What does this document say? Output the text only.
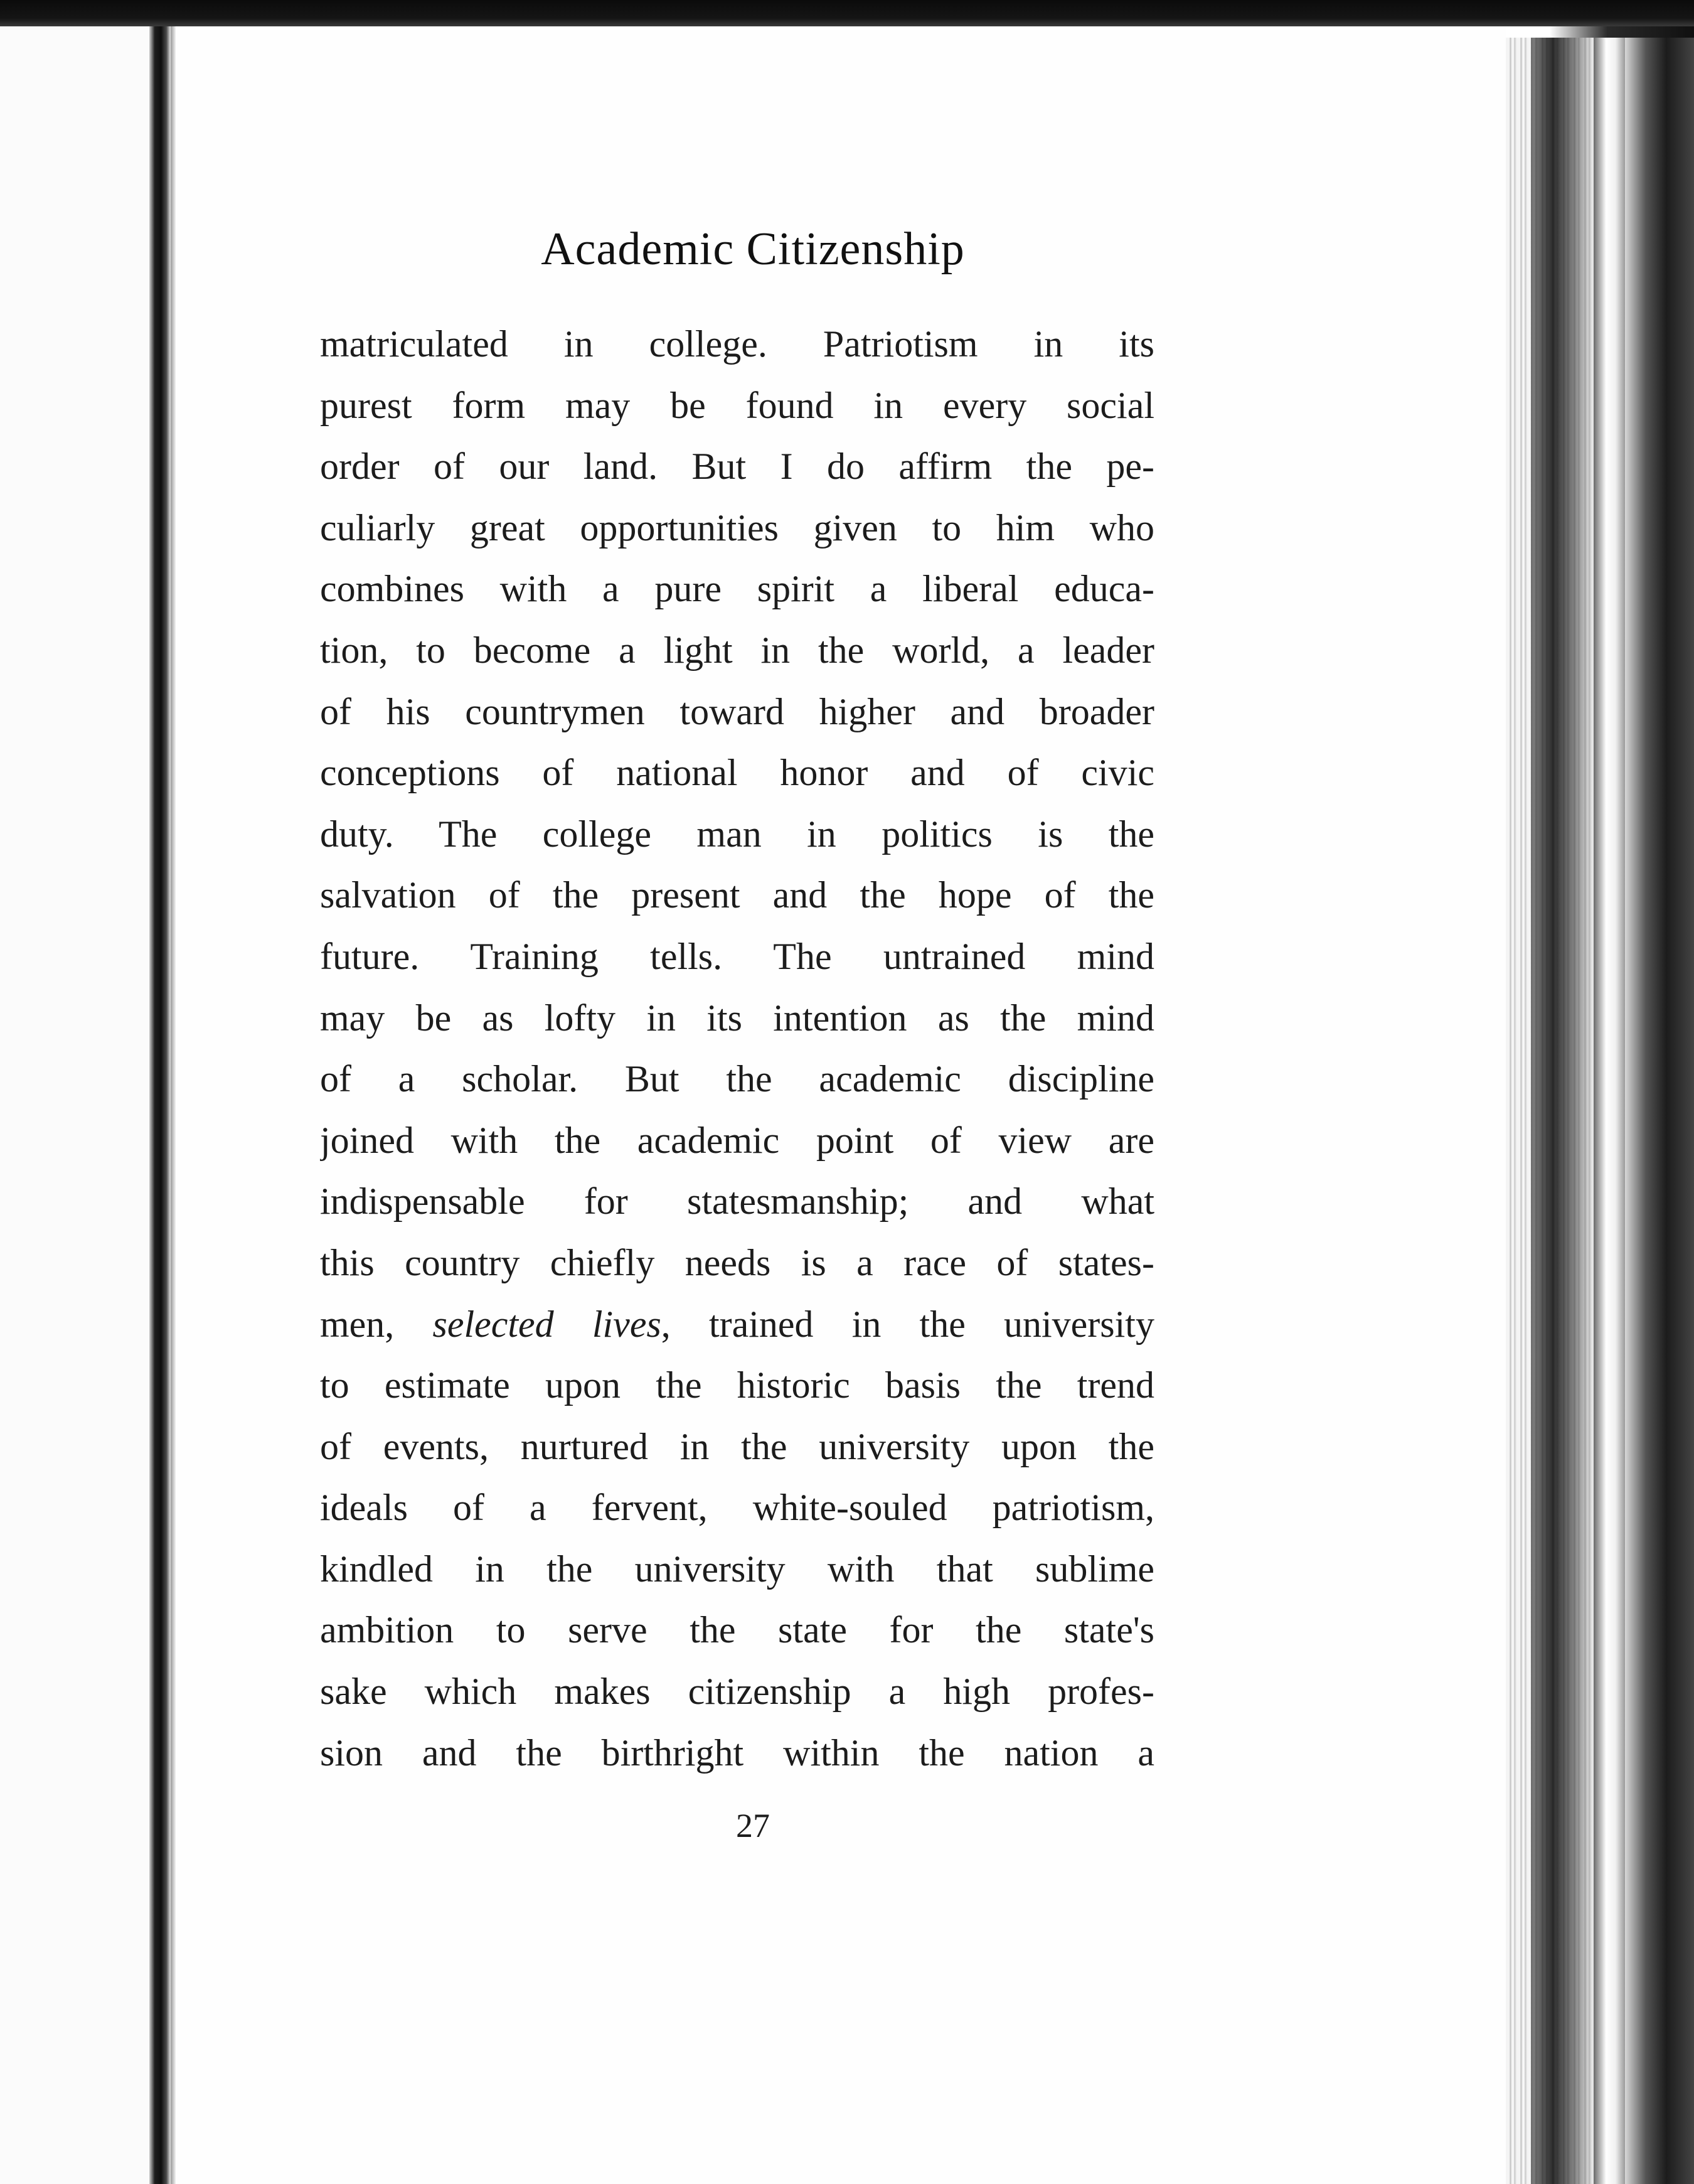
Academic Citizenship
matriculated in college. Patriotism in its
purest form may be found in every social
order of our land. But I do affirm the pe-
culiarly great opportunities given to him who
combines with a pure spirit a liberal educa-
tion, to become a light in the world, a leader
of his countrymen toward higher and broader
conceptions of national honor and of civic
duty. The college man in politics is the
salvation of the present and the hope of the
future. Training tells. The untrained mind
may be as lofty in its intention as the mind
of a scholar. But the academic discipline
joined with the academic point of view are
indispensable for statesmanship; and what
this country chiefly needs is a race of states-
men, selected lives, trained in the university
to estimate upon the historic basis the trend
of events, nurtured in the university upon the
ideals of a fervent, white-souled patriotism,
kindled in the university with that sublime
ambition to serve the state for the state's
sake which makes citizenship a high profes-
sion and the birthright within the nation a
27
